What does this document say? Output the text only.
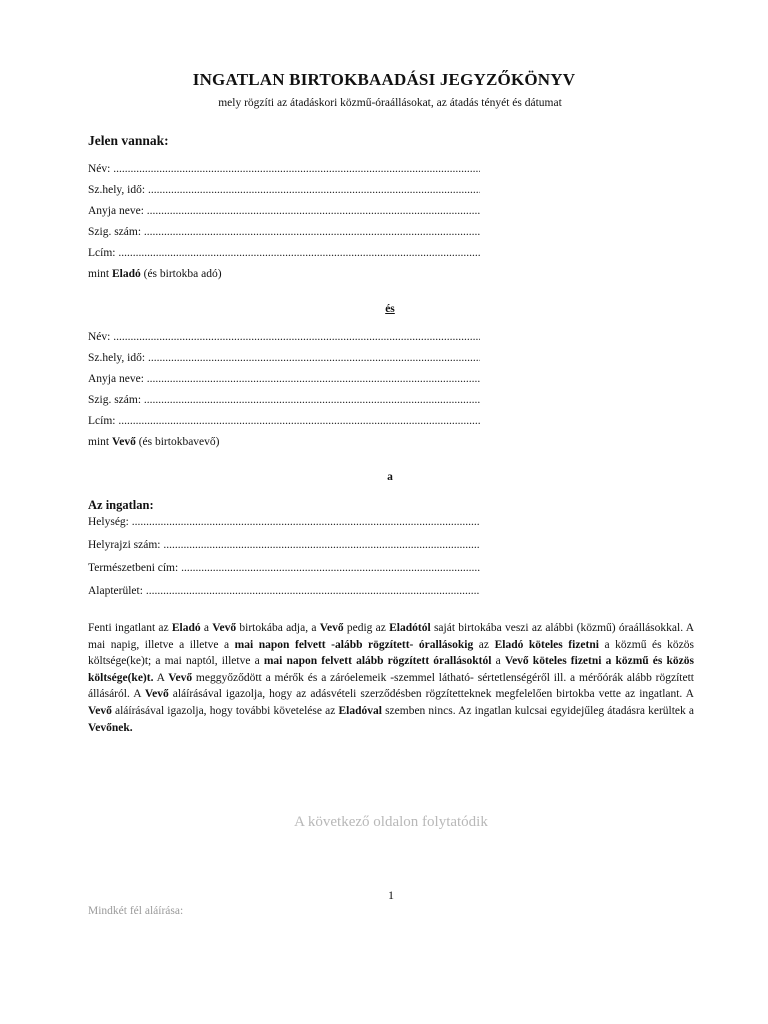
INGATLAN BIRTOKBAADÁSI JEGYZŐKÖNYV
mely rögzíti az átadáskori közmű-óraállásokat, az átadás tényét és dátumat
Jelen vannak:
Név: .....
Sz.hely, idő: .....
Anyja neve: .....
Szig. szám: .....
Lcím: .....
mint Eladó (és birtokba adó)
és
Név: .....
Sz.hely, idő: .....
Anyja neve: .....
Szig. szám: .....
Lcím: .....
mint Vevő (és birtokbavevő)
a
Az ingatlan:
Helység: .....
Helyrajzi szám: .....
Természetbeni cím: .....
Alapterület: .....
Fenti ingatlant az Eladó a Vevő birtokába adja, a Vevő pedig az Eladótól saját birtokába veszi az alábbi (közmű) óraállásokkal. A mai napig, illetve a illetve a mai napon felvett -alább rögzített- órallásokig az Eladó köteles fizetni a közmű és közös költsége(ke)t; a mai naptól, illetve a mai napon felvett alább rögzített órallásoktól a Vevő köteles fizetni a közmű és közös költsége(ke)t. A Vevő meggyőződött a mérők és a záróelemeik -szemmel látható- sértetlenségéről ill. a mérőórák alább rögzített állásáról. A Vevő aláírásával igazolja, hogy az adásvételi szerződésben rögzítetteknek megfelelően birtokba vette az ingatlant. A Vevő aláírásával igazolja, hogy további követelése az Eladóval szemben nincs. Az ingatlan kulcsai egyidejűleg átadásra kerültek a Vevőnek.
A következő oldalon folytatódik
1
Mindkét fél aláírása:
